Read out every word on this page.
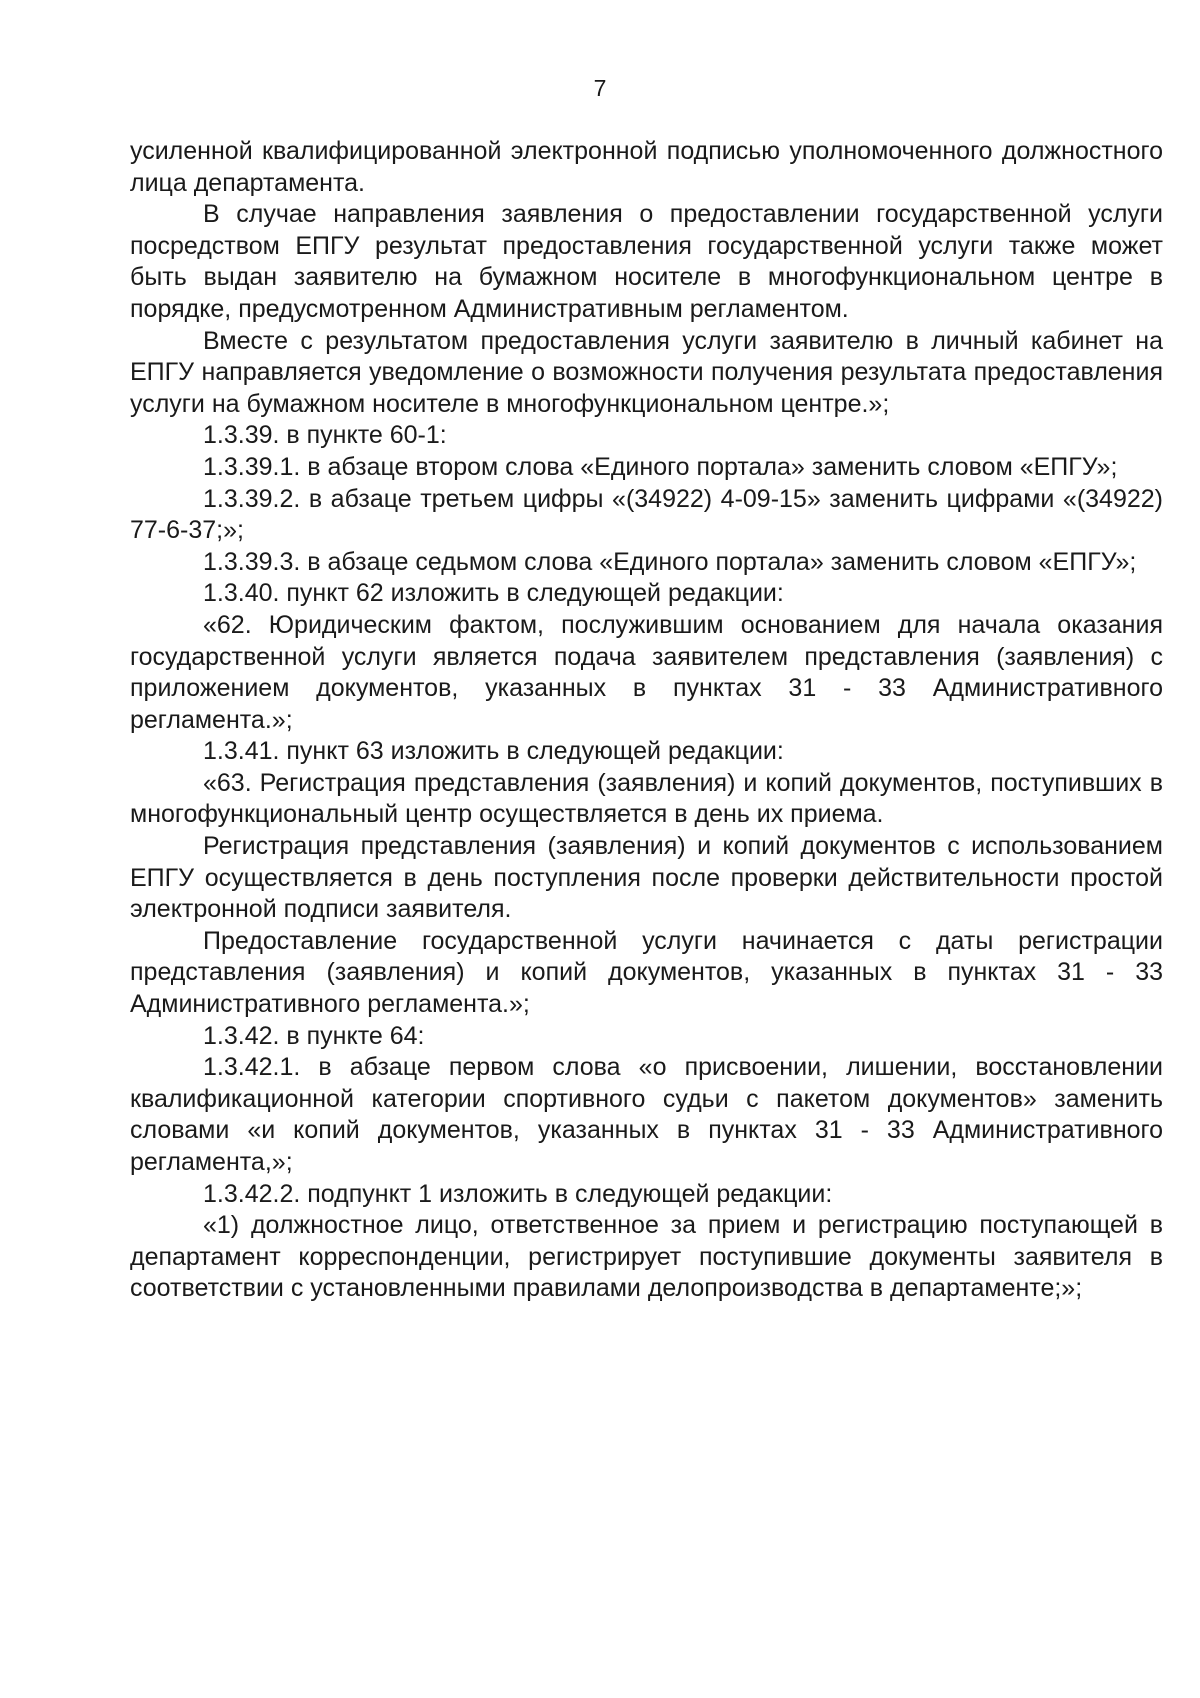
7

усиленной квалифицированной электронной подписью уполномоченного должностного лица департамента.

В случае направления заявления о предоставлении государственной услуги посредством ЕПГУ результат предоставления государственной услуги также может быть выдан заявителю на бумажном носителе в многофункциональном центре в порядке, предусмотренном Административным регламентом.

Вместе с результатом предоставления услуги заявителю в личный кабинет на ЕПГУ направляется уведомление о возможности получения результата предоставления услуги на бумажном носителе в многофункциональном центре.»;

1.3.39. в пункте 60-1:

1.3.39.1. в абзаце втором слова «Единого портала» заменить словом «ЕПГУ»;

1.3.39.2. в абзаце третьем цифры «(34922) 4-09-15» заменить цифрами «(34922) 77-6-37;»;

1.3.39.3. в абзаце седьмом слова «Единого портала» заменить словом «ЕПГУ»;

1.3.40. пункт 62 изложить в следующей редакции:

«62. Юридическим фактом, послужившим основанием для начала оказания государственной услуги является подача заявителем представления (заявления) с приложением документов, указанных в пунктах 31 - 33 Административного регламента.»;

1.3.41. пункт 63 изложить в следующей редакции:

«63. Регистрация представления (заявления) и копий документов, поступивших в многофункциональный центр осуществляется в день их приема.

Регистрация представления (заявления) и копий документов с использованием ЕПГУ осуществляется в день поступления после проверки действительности простой электронной подписи заявителя.

Предоставление государственной услуги начинается с даты регистрации представления (заявления) и копий документов, указанных в пунктах 31 - 33 Административного регламента.»;

1.3.42. в пункте 64:

1.3.42.1. в абзаце первом слова «о присвоении, лишении, восстановлении квалификационной категории спортивного судьи с пакетом документов» заменить словами «и копий документов, указанных в пунктах 31 - 33 Административного регламента,»;

1.3.42.2. подпункт 1 изложить в следующей редакции:

«1) должностное лицо, ответственное за прием и регистрацию поступающей в департамент корреспонденции, регистрирует поступившие документы заявителя в соответствии с установленными правилами делопроизводства в департаменте;»;
